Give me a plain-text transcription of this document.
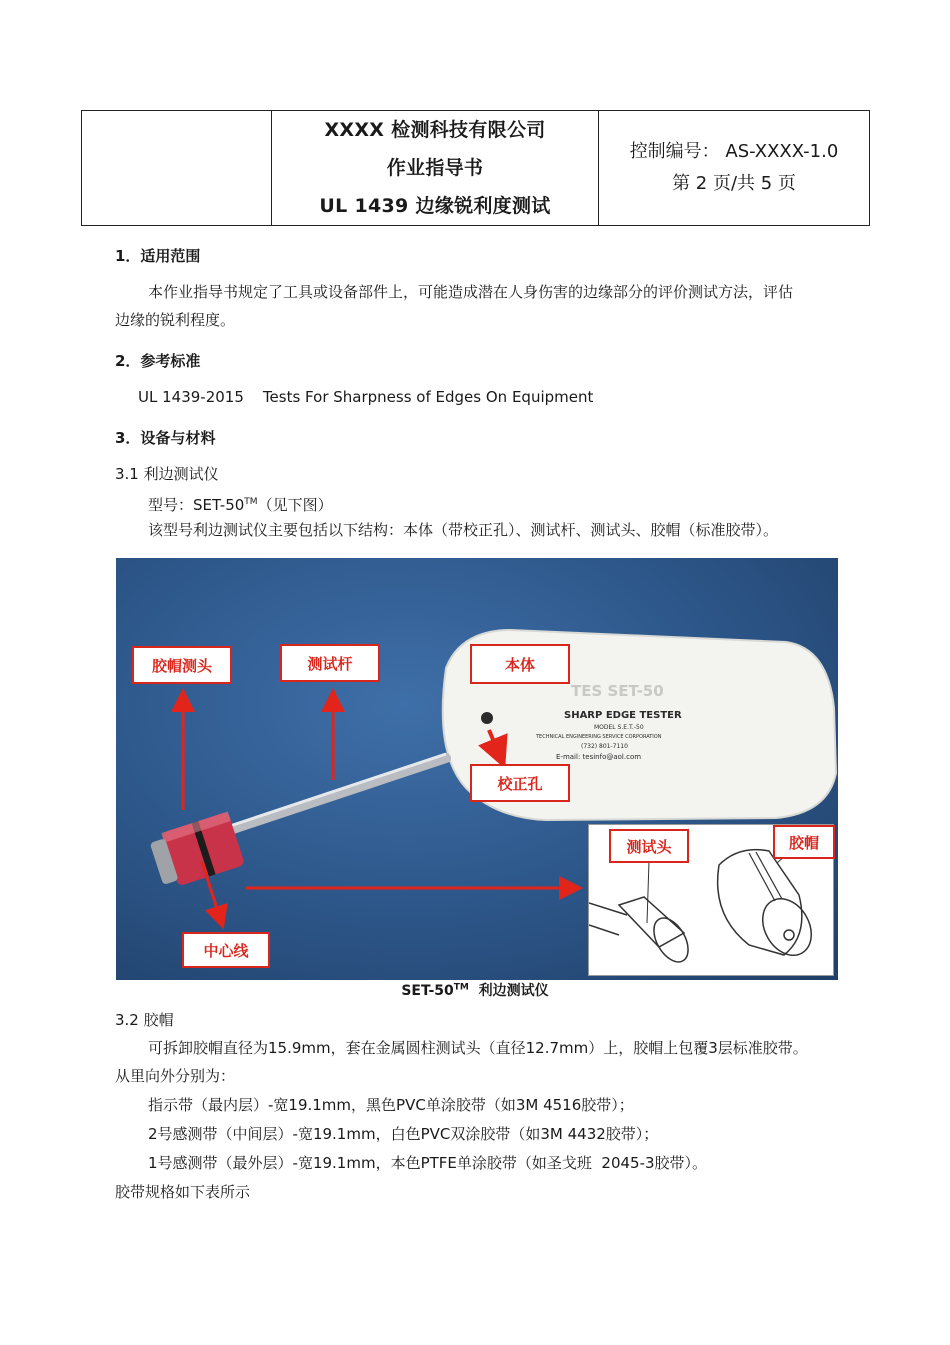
XXXX 检测科技有限公司
作业指导书
UL 1439 边缘锐利度测试
控制编号： AS-XXXX-1.0
第 2 页/共 5 页
1．适用范围
本作业指导书规定了工具或设备部件上，可能造成潜在人身伤害的边缘部分的评价测试方法，评估
边缘的锐利程度。
2．参考标准
UL 1439-2015    Tests For Sharpness of Edges On Equipment
3．设备与材料
3.1 利边测试仪
型号：SET-50™（见下图）
该型号利边测试仪主要包括以下结构：本体（带校正孔）、测试杆、测试头、胶帽（标准胶带）。
TES SET-50
SHARP EDGE TESTER
MODEL S.E.T.-50
TECHNICAL ENGINEERING SERVICE CORPORATION
(732) 801-7110
E-mail: tesinfo@aol.com
胶帽测头	测试杆	本体
校正孔
中心线
测试头	胶帽
SET-50™  利边测试仪
3.2 胶帽
可拆卸胶帽直径为15.9mm，套在金属圆柱测试头（直径12.7mm）上，胶帽上包覆3层标准胶带。
从里向外分别为：
指示带（最内层）-宽19.1mm，黑色PVC单涂胶带（如3M 4516胶带）；
2号感测带（中间层）-宽19.1mm，白色PVC双涂胶带（如3M 4432胶带）；
1号感测带（最外层）-宽19.1mm，本色PTFE单涂胶带（如圣戈班  2045-3胶带）。
胶带规格如下表所示
